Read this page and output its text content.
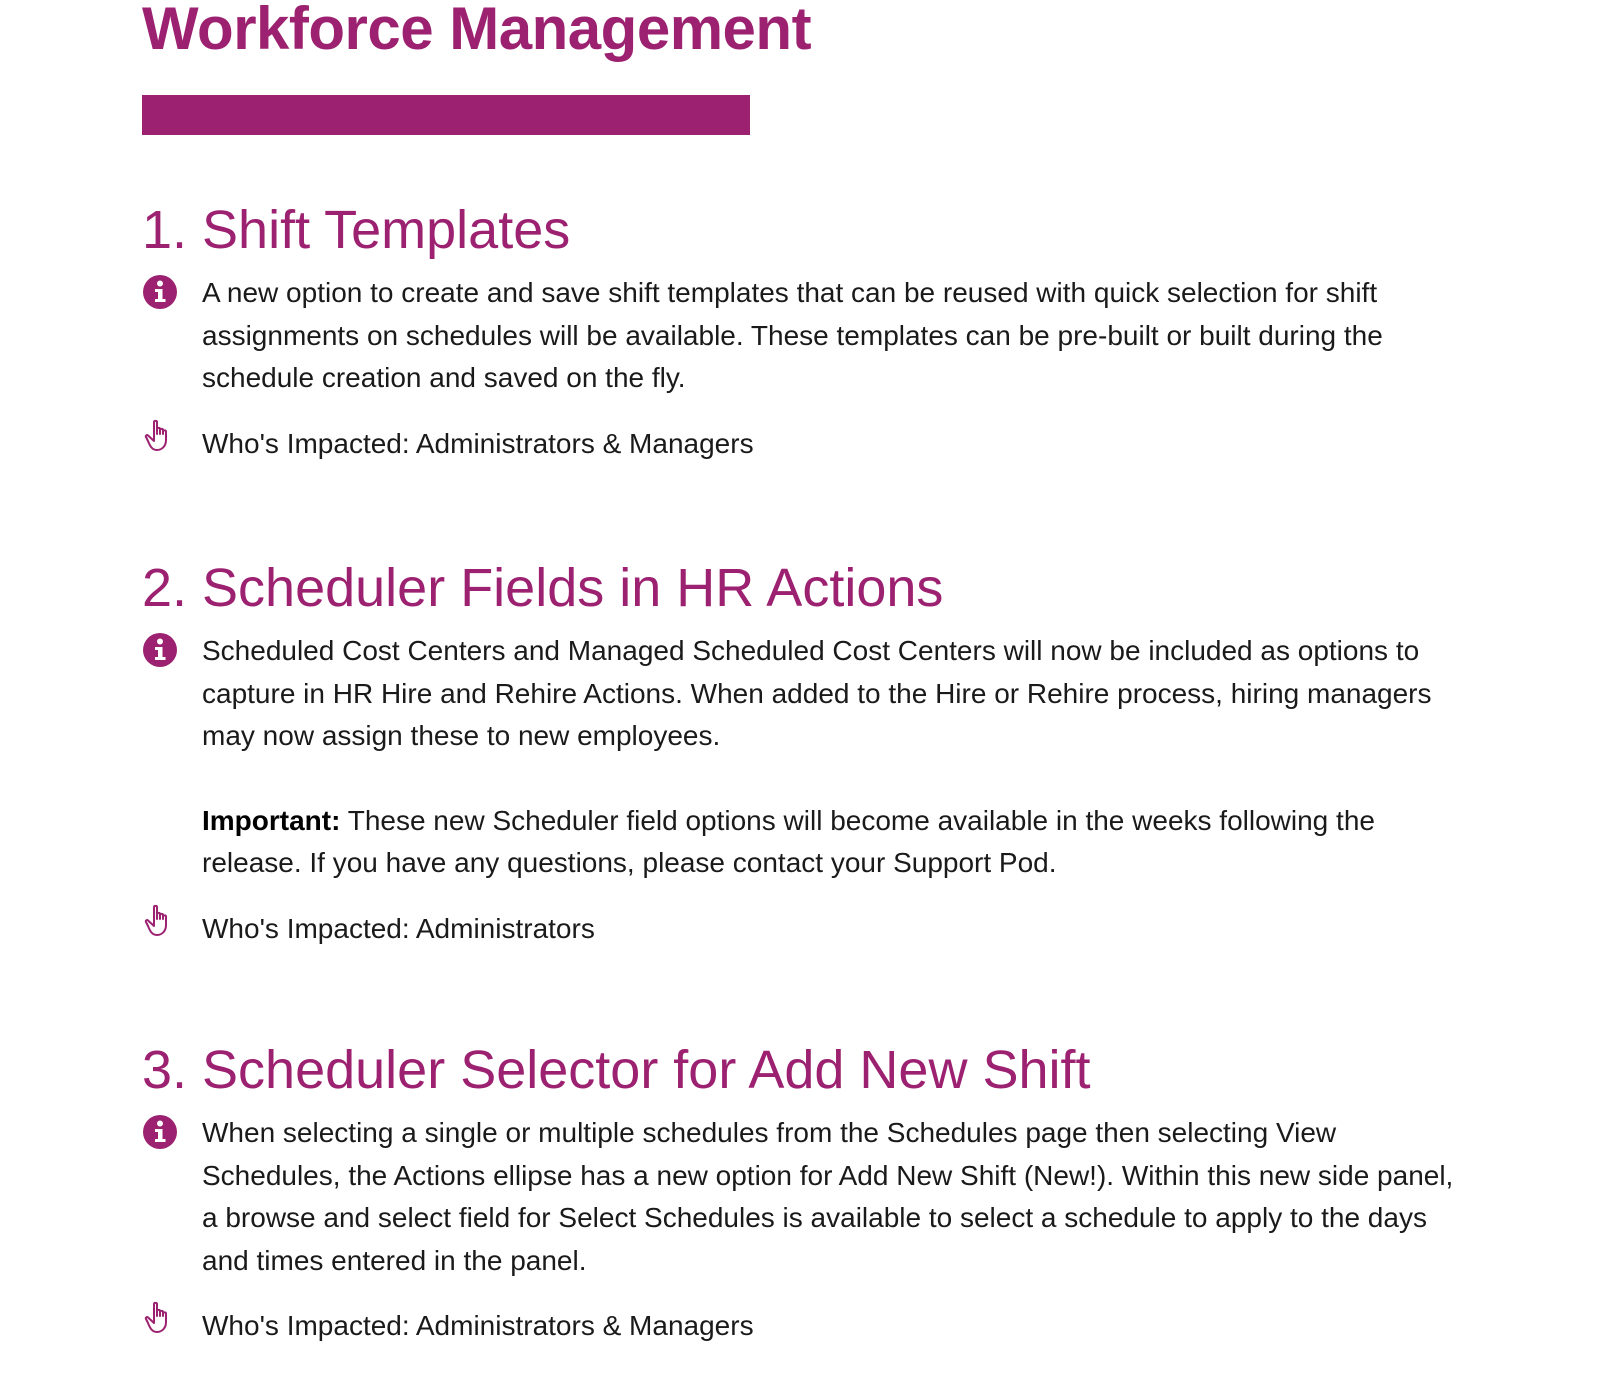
Workforce Management
1. Shift Templates

A new option to create and save shift templates that can be reused with quick selection for shift assignments on schedules will be available. These templates can be pre-built or built during the schedule creation and saved on the fly.

Who's Impacted: Administrators & Managers
2. Scheduler Fields in HR Actions

Scheduled Cost Centers and Managed Scheduled Cost Centers will now be included as options to capture in HR Hire and Rehire Actions. When added to the Hire or Rehire process, hiring managers may now assign these to new employees.

Important: These new Scheduler field options will become available in the weeks following the release. If you have any questions, please contact your Support Pod.

Who's Impacted: Administrators
3. Scheduler Selector for Add New Shift

When selecting a single or multiple schedules from the Schedules page then selecting View Schedules, the Actions ellipse has a new option for Add New Shift (New!). Within this new side panel, a browse and select field for Select Schedules is available to select a schedule to apply to the days and times entered in the panel.

Who's Impacted: Administrators & Managers
